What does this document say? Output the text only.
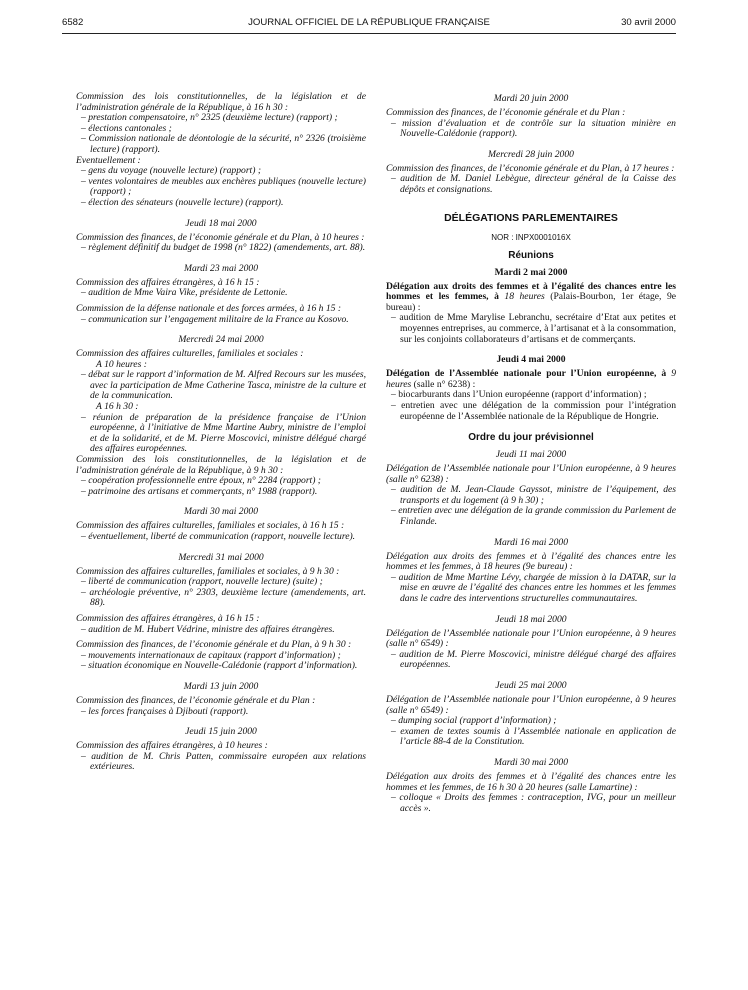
6582	JOURNAL OFFICIEL DE LA RÉPUBLIQUE FRANÇAISE	30 avril 2000

Commission des lois constitutionnelles, de la législation et de l’administration générale de la République, à 16 h 30 :

– prestation compensatoire, n° 2325 (deuxième lecture) (rapport) ;

– élections cantonales ;

– Commission nationale de déontologie de la sécurité, n° 2326 (troisième lecture) (rapport).

Eventuellement :

– gens du voyage (nouvelle lecture) (rapport) ;

– ventes volontaires de meubles aux enchères publiques (nouvelle lecture) (rapport) ;

– élection des sénateurs (nouvelle lecture) (rapport).

Jeudi 18 mai 2000

Commission des finances, de l’économie générale et du Plan, à 10 heures :

– règlement définitif du budget de 1998 (n° 1822) (amendements, art. 88).

Mardi 23 mai 2000

Commission des affaires étrangères, à 16 h 15 :

– audition de Mme Vaira Vike, présidente de Lettonie.

Commission de la défense nationale et des forces armées, à 16 h 15 :

– communication sur l’engagement militaire de la France au Kosovo.

Mercredi 24 mai 2000

Commission des affaires culturelles, familiales et sociales :

A 10 heures :

– débat sur le rapport d’information de M. Alfred Recours sur les musées, avec la participation de Mme Catherine Tasca, ministre de la culture et de la communication.

A 16 h 30 :

– réunion de préparation de la présidence française de l’Union européenne, à l’initiative de Mme Martine Aubry, ministre de l’emploi et de la solidarité, et de M. Pierre Moscovici, ministre délégué chargé des affaires européennes.

Commission des lois constitutionnelles, de la législation et de l’administration générale de la République, à 9 h 30 :

– coopération professionnelle entre époux, n° 2284 (rapport) ;

– patrimoine des artisans et commerçants, n° 1988 (rapport).

Mardi 30 mai 2000

Commission des affaires culturelles, familiales et sociales, à 16 h 15 :

– éventuellement, liberté de communication (rapport, nouvelle lecture).

Mercredi 31 mai 2000

Commission des affaires culturelles, familiales et sociales, à 9 h 30 :

– liberté de communication (rapport, nouvelle lecture) (suite) ;

– archéologie préventive, n° 2303, deuxième lecture (amendements, art. 88).

Commission des affaires étrangères, à 16 h 15 :

– audition de M. Hubert Védrine, ministre des affaires étrangères.

Commission des finances, de l’économie générale et du Plan, à 9 h 30 :

– mouvements internationaux de capitaux (rapport d’information) ;

– situation économique en Nouvelle-Calédonie (rapport d’information).

Mardi 13 juin 2000

Commission des finances, de l’économie générale et du Plan :

– les forces françaises à Djibouti (rapport).

Jeudi 15 juin 2000

Commission des affaires étrangères, à 10 heures :

– audition de M. Chris Patten, commissaire européen aux relations extérieures.

Mardi 20 juin 2000

Commission des finances, de l’économie générale et du Plan :

– mission d’évaluation et de contrôle sur la situation minière en Nouvelle-Calédonie (rapport).

Mercredi 28 juin 2000

Commission des finances, de l’économie générale et du Plan, à 17 heures :

– audition de M. Daniel Lebègue, directeur général de la Caisse des dépôts et consignations.

DÉLÉGATIONS PARLEMENTAIRES

NOR : INPX0001016X

Réunions

Mardi 2 mai 2000

Délégation aux droits des femmes et à l’égalité des chances entre les hommes et les femmes, à 18 heures (Palais-Bourbon, 1er étage, 9e bureau) :

– audition de Mme Marylise Lebranchu, secrétaire d’Etat aux petites et moyennes entreprises, au commerce, à l’artisanat et à la consommation, sur les conjoints collaborateurs d’artisans et de commerçants.

Jeudi 4 mai 2000

Délégation de l’Assemblée nationale pour l’Union européenne, à 9 heures (salle n° 6238) :

– biocarburants dans l’Union européenne (rapport d’information) ;

– entretien avec une délégation de la commission pour l’intégration européenne de l’Assemblée nationale de la République de Hongrie.

Ordre du jour prévisionnel

Jeudi 11 mai 2000

Délégation de l’Assemblée nationale pour l’Union européenne, à 9 heures (salle n° 6238) :

– audition de M. Jean-Claude Gayssot, ministre de l’équipement, des transports et du logement (à 9 h 30) ;

– entretien avec une délégation de la grande commission du Parlement de Finlande.

Mardi 16 mai 2000

Délégation aux droits des femmes et à l’égalité des chances entre les hommes et les femmes, à 18 heures (9e bureau) :

– audition de Mme Martine Lévy, chargée de mission à la DATAR, sur la mise en œuvre de l’égalité des chances entre les hommes et les femmes dans le cadre des interventions structurelles communautaires.

Jeudi 18 mai 2000

Délégation de l’Assemblée nationale pour l’Union européenne, à 9 heures (salle n° 6549) :

– audition de M. Pierre Moscovici, ministre délégué chargé des affaires européennes.

Jeudi 25 mai 2000

Délégation de l’Assemblée nationale pour l’Union européenne, à 9 heures (salle n° 6549) :

– dumping social (rapport d’information) ;

– examen de textes soumis à l’Assemblée nationale en application de l’article 88-4 de la Constitution.

Mardi 30 mai 2000

Délégation aux droits des femmes et à l’égalité des chances entre les hommes et les femmes, de 16 h 30 à 20 heures (salle Lamartine) :

– colloque « Droits des femmes : contraception, IVG, pour un meilleur accès ».
